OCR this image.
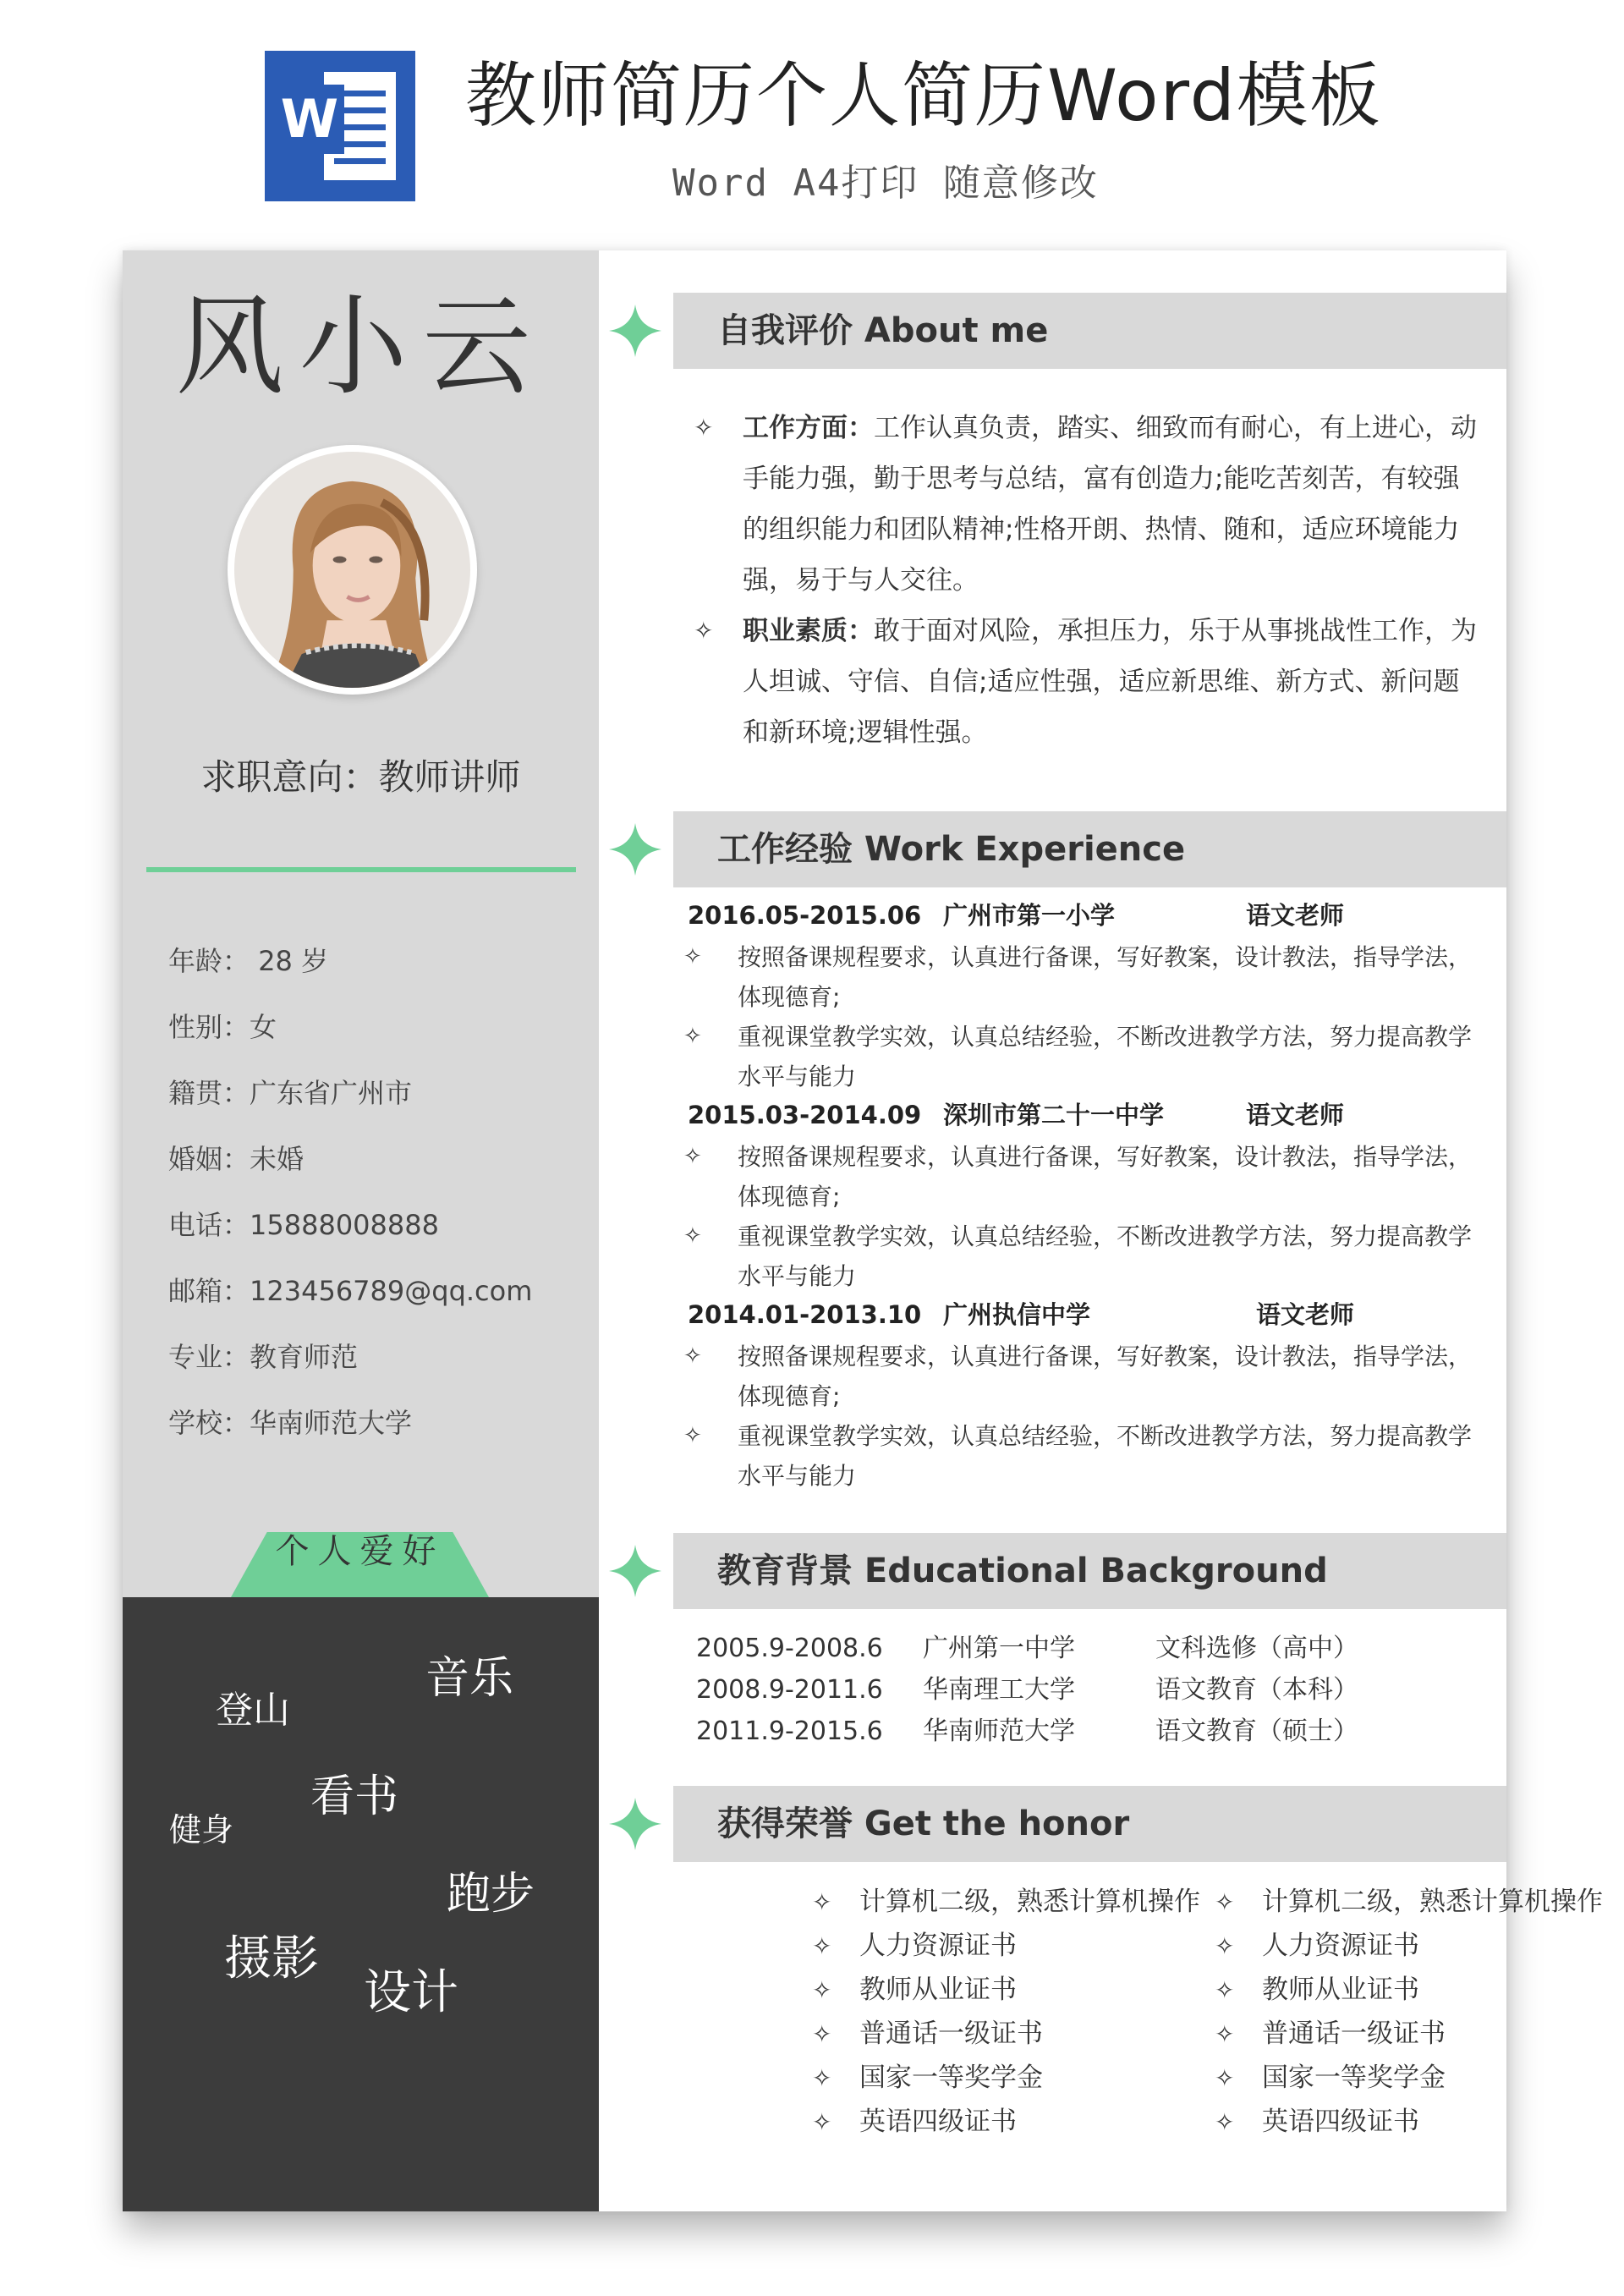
W 教师简历个人简历Word模板
Word A4打印 随意修改
风小云
求职意向：教师讲师
年龄： 28 岁
性别：女
籍贯：广东省广州市
婚姻：未婚
电话：15888008888
邮箱：123456789@qq.com
专业：教育师范
学校：华南师范大学
个人爱好
登山
音乐
健身
看书
跑步
摄影
设计
自我评价 About me
✧	工作方面：工作认真负责，踏实、细致而有耐心，有上进心，动手能力强，勤于思考与总结，富有创造力;能吃苦刻苦，有较强的组织能力和团队精神;性格开朗、热情、随和，适应环境能力强，易于与人交往。
✧	职业素质：敢于面对风险，承担压力，乐于从事挑战性工作，为人坦诚、守信、自信;适应性强，适应新思维、新方式、新问题和新环境;逻辑性强。
工作经验 Work Experience
2016.05-2015.06 广州市第一小学	语文老师
✧	按照备课规程要求，认真进行备课，写好教案，设计教法，指导学法，体现德育;
✧	重视课堂教学实效，认真总结经验，不断改进教学方法，努力提高教学水平与能力
2015.03-2014.09 深圳市第二十一中学	语文老师
✧	按照备课规程要求，认真进行备课，写好教案，设计教法，指导学法，体现德育;
✧	重视课堂教学实效，认真总结经验，不断改进教学方法，努力提高教学水平与能力
2014.01-2013.10 广州执信中学	语文老师
✧	按照备课规程要求，认真进行备课，写好教案，设计教法，指导学法，体现德育;
✧	重视课堂教学实效，认真总结经验，不断改进教学方法，努力提高教学水平与能力
教育背景 Educational Background
2005.9-2008.6 广州第一中学	文科选修（高中）
2008.9-2011.6 华南理工大学	语文教育（本科）
2011.9-2015.6 华南师范大学	语文教育（硕士）
获得荣誉 Get the honor
✧ 计算机二级，熟悉计算机操作
✧ 人力资源证书
✧ 教师从业证书
✧ 普通话一级证书
✧ 国家一等奖学金
✧ 英语四级证书
✧ 计算机二级，熟悉计算机操作
✧ 人力资源证书
✧ 教师从业证书
✧ 普通话一级证书
✧ 国家一等奖学金
✧ 英语四级证书
